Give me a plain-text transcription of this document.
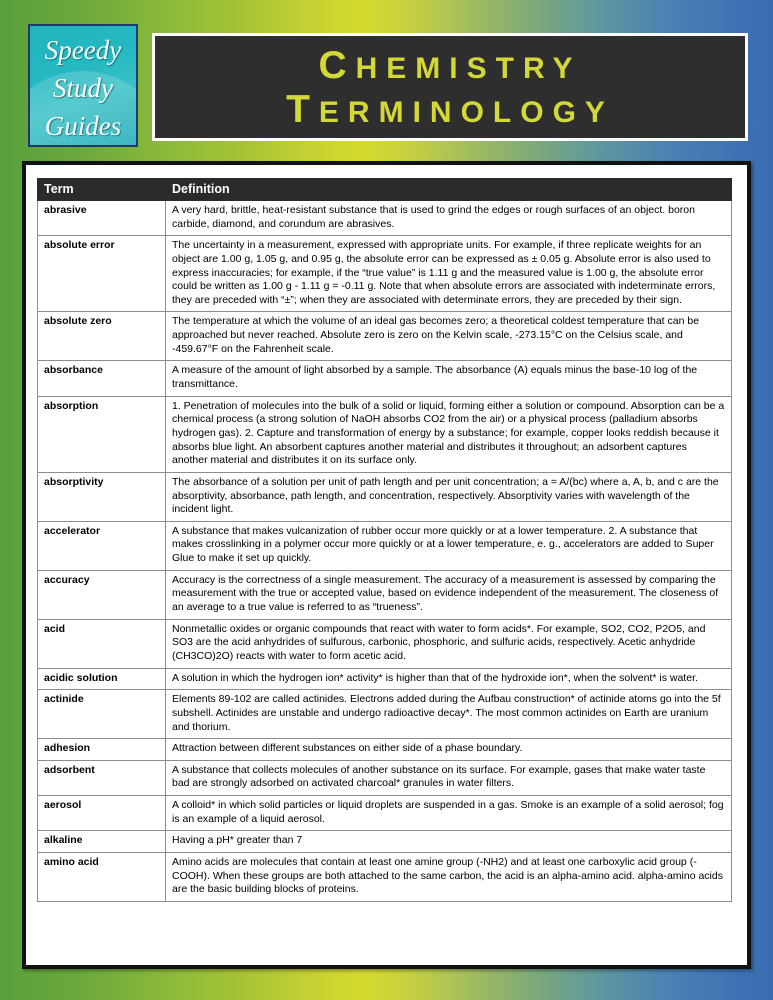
Speedy
Study
Guides
CHEMISTRY
TERMINOLOGY
Term	Definition
abrasive	A very hard, brittle, heat-resistant substance that is used to grind the edges or rough surfaces of an object. boron carbide, diamond, and corundum are abrasives.
absolute error	The uncertainty in a measurement, expressed with appropriate units. For example, if three replicate weights for an object are 1.00 g, 1.05 g, and 0.95 g, the absolute error can be expressed as ± 0.05 g. Absolute error is also used to express inaccuracies; for example, if the “true value” is 1.11 g and the measured value is 1.00 g, the absolute error could be written as 1.00 g - 1.11 g = -0.11 g. Note that when absolute errors are associated with indeterminate errors, they are preceded with “±”; when they are associated with determinate errors, they are preceded by their sign.
absolute zero	The temperature at which the volume of an ideal gas becomes zero; a theoretical coldest temperature that can be approached but never reached. Absolute zero is zero on the Kelvin scale, -273.15°C on the Celsius scale, and -459.67°F on the Fahrenheit scale.
absorbance	A measure of the amount of light absorbed by a sample. The absorbance (A) equals minus the base-10 log of the transmittance.
absorption	1. Penetration of molecules into the bulk of a solid or liquid, forming either a solution or compound. Absorption can be a chemical process (a strong solution of NaOH absorbs CO2 from the air) or a physical process (palladium absorbs hydrogen gas). 2. Capture and transformation of energy by a substance; for example, copper looks reddish because it absorbs blue light. An absorbent captures another material and distributes it throughout; an adsorbent captures another material and distributes it on its surface only.
absorptivity	The absorbance of a solution per unit of path length and per unit concentration; a = A/(bc) where a, A, b, and c are the absorptivity, absorbance, path length, and concentration, respectively. Absorptivity varies with wavelength of the incident light.
accelerator	A substance that makes vulcanization of rubber occur more quickly or at a lower temperature. 2. A substance that makes crosslinking in a polymer occur more quickly or at a lower temperature, e. g., accelerators are added to Super Glue to make it set up quickly.
accuracy	Accuracy is the correctness of a single measurement. The accuracy of a measurement is assessed by comparing the measurement with the true or accepted value, based on evidence independent of the measurement. The closeness of an average to a true value is referred to as “trueness”.
acid	Nonmetallic oxides or organic compounds that react with water to form acids*. For example, SO2, CO2, P2O5, and SO3 are the acid anhydrides of sulfurous, carbonic, phosphoric, and sulfuric acids, respectively. Acetic anhydride (CH3CO)2O) reacts with water to form acetic acid.
acidic solution	A solution in which the hydrogen ion* activity* is higher than that of the hydroxide ion*, when the solvent* is water.
actinide	Elements 89-102 are called actinides. Electrons added during the Aufbau construction* of actinide atoms go into the 5f subshell. Actinides are unstable and undergo radioactive decay*. The most common actinides on Earth are uranium and thorium.
adhesion	Attraction between different substances on either side of a phase boundary.
adsorbent	A substance that collects molecules of another substance on its surface. For example, gases that make water taste bad are strongly adsorbed on activated charcoal* granules in water filters.
aerosol	A colloid* in which solid particles or liquid droplets are suspended in a gas. Smoke is an example of a solid aerosol; fog is an example of a liquid aerosol.
alkaline	Having a pH* greater than 7
amino acid	Amino acids are molecules that contain at least one amine group (-NH2) and at least one carboxylic acid group (-COOH). When these groups are both attached to the same carbon, the acid is an alpha-amino acid. alpha-amino acids are the basic building blocks of proteins.
